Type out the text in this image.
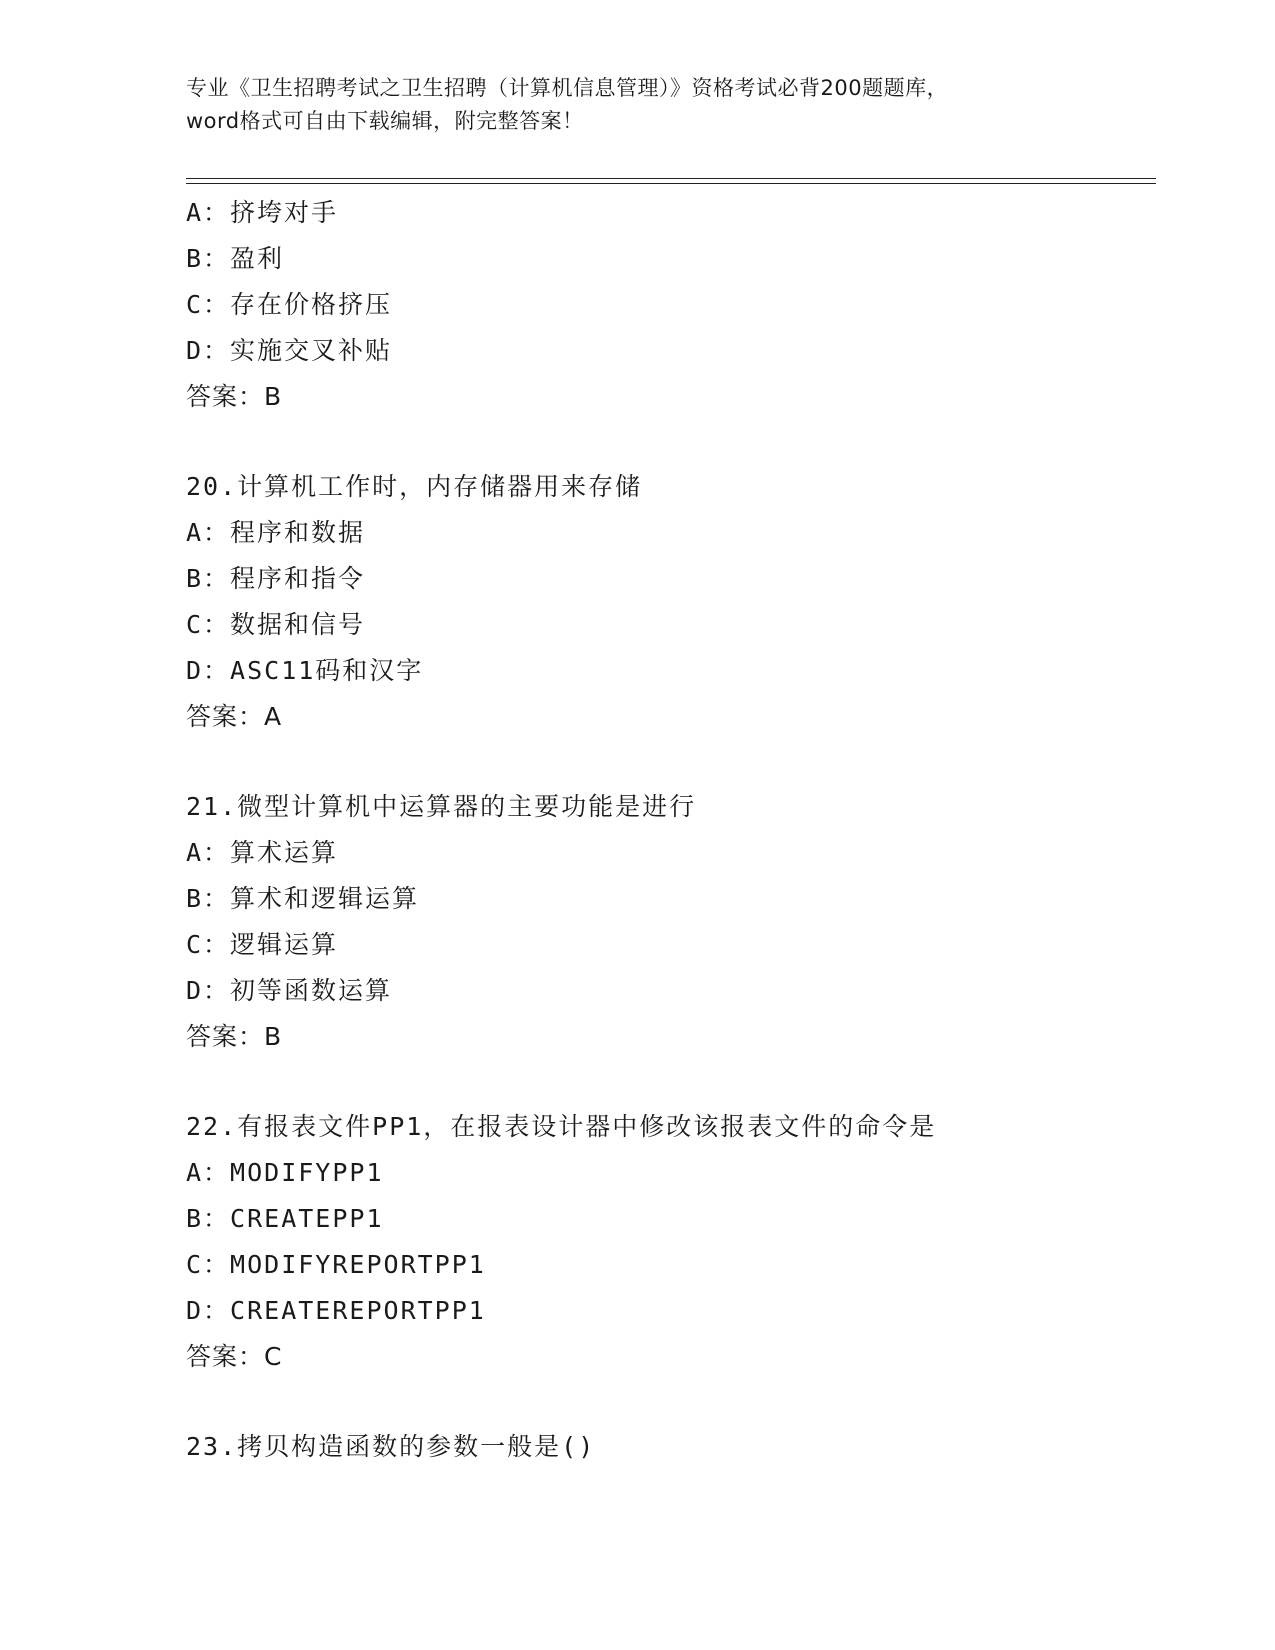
专业《卫生招聘考试之卫生招聘（计算机信息管理）》资格考试必背200题题库，
word格式可自由下载编辑，附完整答案！
A：挤垮对手
B：盈利
C：存在价格挤压
D：实施交叉补贴
答案：B
20.计算机工作时，内存储器用来存储
A：程序和数据
B：程序和指令
C：数据和信号
D：ASC11码和汉字
答案：A
21.微型计算机中运算器的主要功能是进行
A：算术运算
B：算术和逻辑运算
C：逻辑运算
D：初等函数运算
答案：B
22.有报表文件PP1，在报表设计器中修改该报表文件的命令是
A：MODIFYPP1
B：CREATEPP1
C：MODIFYREPORTPP1
D：CREATEREPORTPP1
答案：C
23.拷贝构造函数的参数一般是()
